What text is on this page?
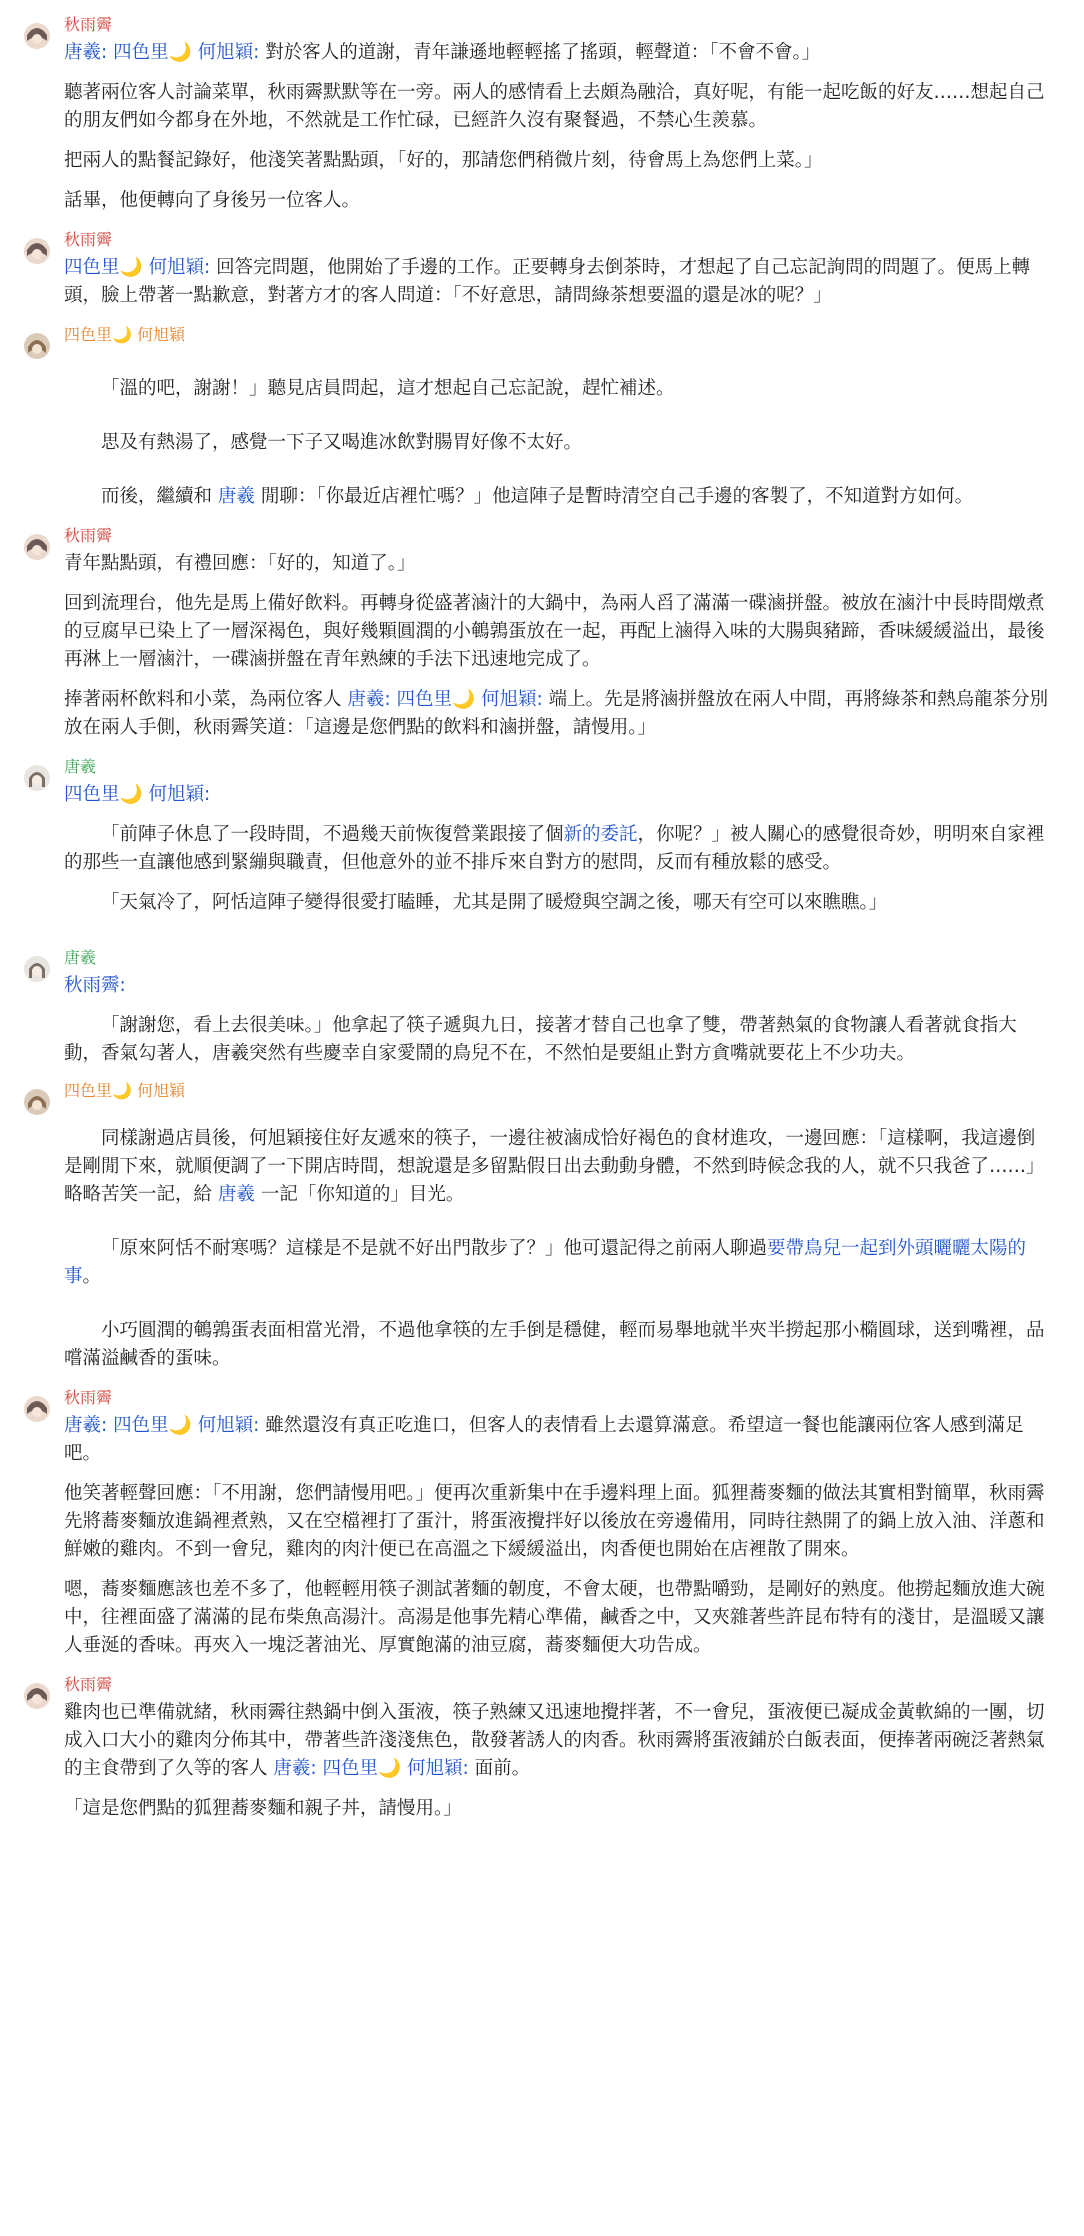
秋雨霽

唐羲: 四色里🌙 何旭穎: 對於客人的道謝，青年謙遜地輕輕搖了搖頭，輕聲道：「不會不會。」

聽著兩位客人討論菜單，秋雨霽默默等在一旁。兩人的感情看上去頗為融洽，真好呢，有能一起吃飯的好友……想起自己的朋友們如今都身在外地，不然就是工作忙碌，已經許久沒有聚餐過，不禁心生羨慕。

把兩人的點餐記錄好，他淺笑著點點頭，「好的，那請您們稍微片刻，待會馬上為您們上菜。」

話畢，他便轉向了身後另一位客人。

秋雨霽

四色里🌙 何旭穎: 回答完問題，他開始了手邊的工作。正要轉身去倒茶時，才想起了自己忘記詢問的問題了。便馬上轉頭，臉上帶著一點歉意，對著方才的客人問道：「不好意思，請問綠茶想要溫的還是冰的呢？」

四色里🌙 何旭穎

「溫的吧，謝謝！」聽見店員問起，這才想起自己忘記說，趕忙補述。

思及有熱湯了，感覺一下子又喝進冰飲對腸胃好像不太好。

而後，繼續和 唐羲 閒聊：「你最近店裡忙嗎？」他這陣子是暫時清空自己手邊的客製了，不知道對方如何。

秋雨霽

青年點點頭，有禮回應：「好的，知道了。」

回到流理台，他先是馬上備好飲料。再轉身從盛著滷汁的大鍋中，為兩人舀了滿滿一碟滷拼盤。被放在滷汁中長時間燉煮的豆腐早已染上了一層深褐色，與好幾顆圓潤的小鵪鶉蛋放在一起，再配上滷得入味的大腸與豬蹄，香味緩緩溢出，最後再淋上一層滷汁，一碟滷拼盤在青年熟練的手法下迅速地完成了。

捧著兩杯飲料和小菜，為兩位客人 唐羲: 四色里🌙 何旭穎: 端上。先是將滷拼盤放在兩人中間，再將綠茶和熱烏龍茶分別放在兩人手側，秋雨霽笑道：「這邊是您們點的飲料和滷拼盤，請慢用。」

唐羲

四色里🌙 何旭穎:

「前陣子休息了一段時間，不過幾天前恢復營業跟接了個新的委託，你呢？」被人關心的感覺很奇妙，明明來自家裡的那些一直讓他感到緊繃與職責，但他意外的並不排斥來自對方的慰問，反而有種放鬆的感受。

「天氣冷了，阿恬這陣子變得很愛打瞌睡，尤其是開了暖燈與空調之後，哪天有空可以來瞧瞧。」

唐羲

秋雨霽:

「謝謝您，看上去很美味。」他拿起了筷子遞與九日，接著才替自己也拿了雙，帶著熱氣的食物讓人看著就食指大動，香氣勾著人，唐羲突然有些慶幸自家愛鬧的鳥兒不在，不然怕是要組止對方貪嘴就要花上不少功夫。

四色里🌙 何旭穎

同樣謝過店員後，何旭穎接住好友遞來的筷子，一邊往被滷成恰好褐色的食材進攻，一邊回應：「這樣啊，我這邊倒是剛閒下來，就順便調了一下開店時間，想說還是多留點假日出去動動身體，不然到時候念我的人，就不只我爸了……」略略苦笑一記，給 唐羲 一記「你知道的」目光。

「原來阿恬不耐寒嗎？這樣是不是就不好出門散步了？」他可還記得之前兩人聊過要帶鳥兒一起到外頭曬曬太陽的事。

小巧圓潤的鵪鶉蛋表面相當光滑，不過他拿筷的左手倒是穩健，輕而易舉地就半夾半撈起那小橢圓球，送到嘴裡，品嚐滿溢鹹香的蛋味。

秋雨霽

唐羲: 四色里🌙 何旭穎: 雖然還沒有真正吃進口，但客人的表情看上去還算滿意。希望這一餐也能讓兩位客人感到滿足吧。

他笑著輕聲回應：「不用謝，您們請慢用吧。」便再次重新集中在手邊料理上面。狐狸蕎麥麵的做法其實相對簡單，秋雨霽先將蕎麥麵放進鍋裡煮熟，又在空檔裡打了蛋汁，將蛋液攪拌好以後放在旁邊備用，同時往熱開了的鍋上放入油、洋蔥和鮮嫩的雞肉。不到一會兒，雞肉的肉汁便已在高溫之下緩緩溢出，肉香便也開始在店裡散了開來。

嗯，蕎麥麵應該也差不多了，他輕輕用筷子測試著麵的韌度，不會太硬，也帶點嚼勁，是剛好的熟度。他撈起麵放進大碗中，往裡面盛了滿滿的昆布柴魚高湯汁。高湯是他事先精心準備，鹹香之中，又夾雜著些許昆布特有的淺甘，是溫暖又讓人垂涎的香味。再夾入一塊泛著油光、厚實飽滿的油豆腐，蕎麥麵便大功告成。

秋雨霽

雞肉也已準備就緒，秋雨霽往熱鍋中倒入蛋液，筷子熟練又迅速地攪拌著，不一會兒，蛋液便已凝成金黃軟綿的一團，切成入口大小的雞肉分佈其中，帶著些許淺淺焦色，散發著誘人的肉香。秋雨霽將蛋液鋪於白飯表面，便捧著兩碗泛著熱氣的主食帶到了久等的客人 唐羲: 四色里🌙 何旭穎: 面前。

「這是您們點的狐狸蕎麥麵和親子丼，請慢用。」
